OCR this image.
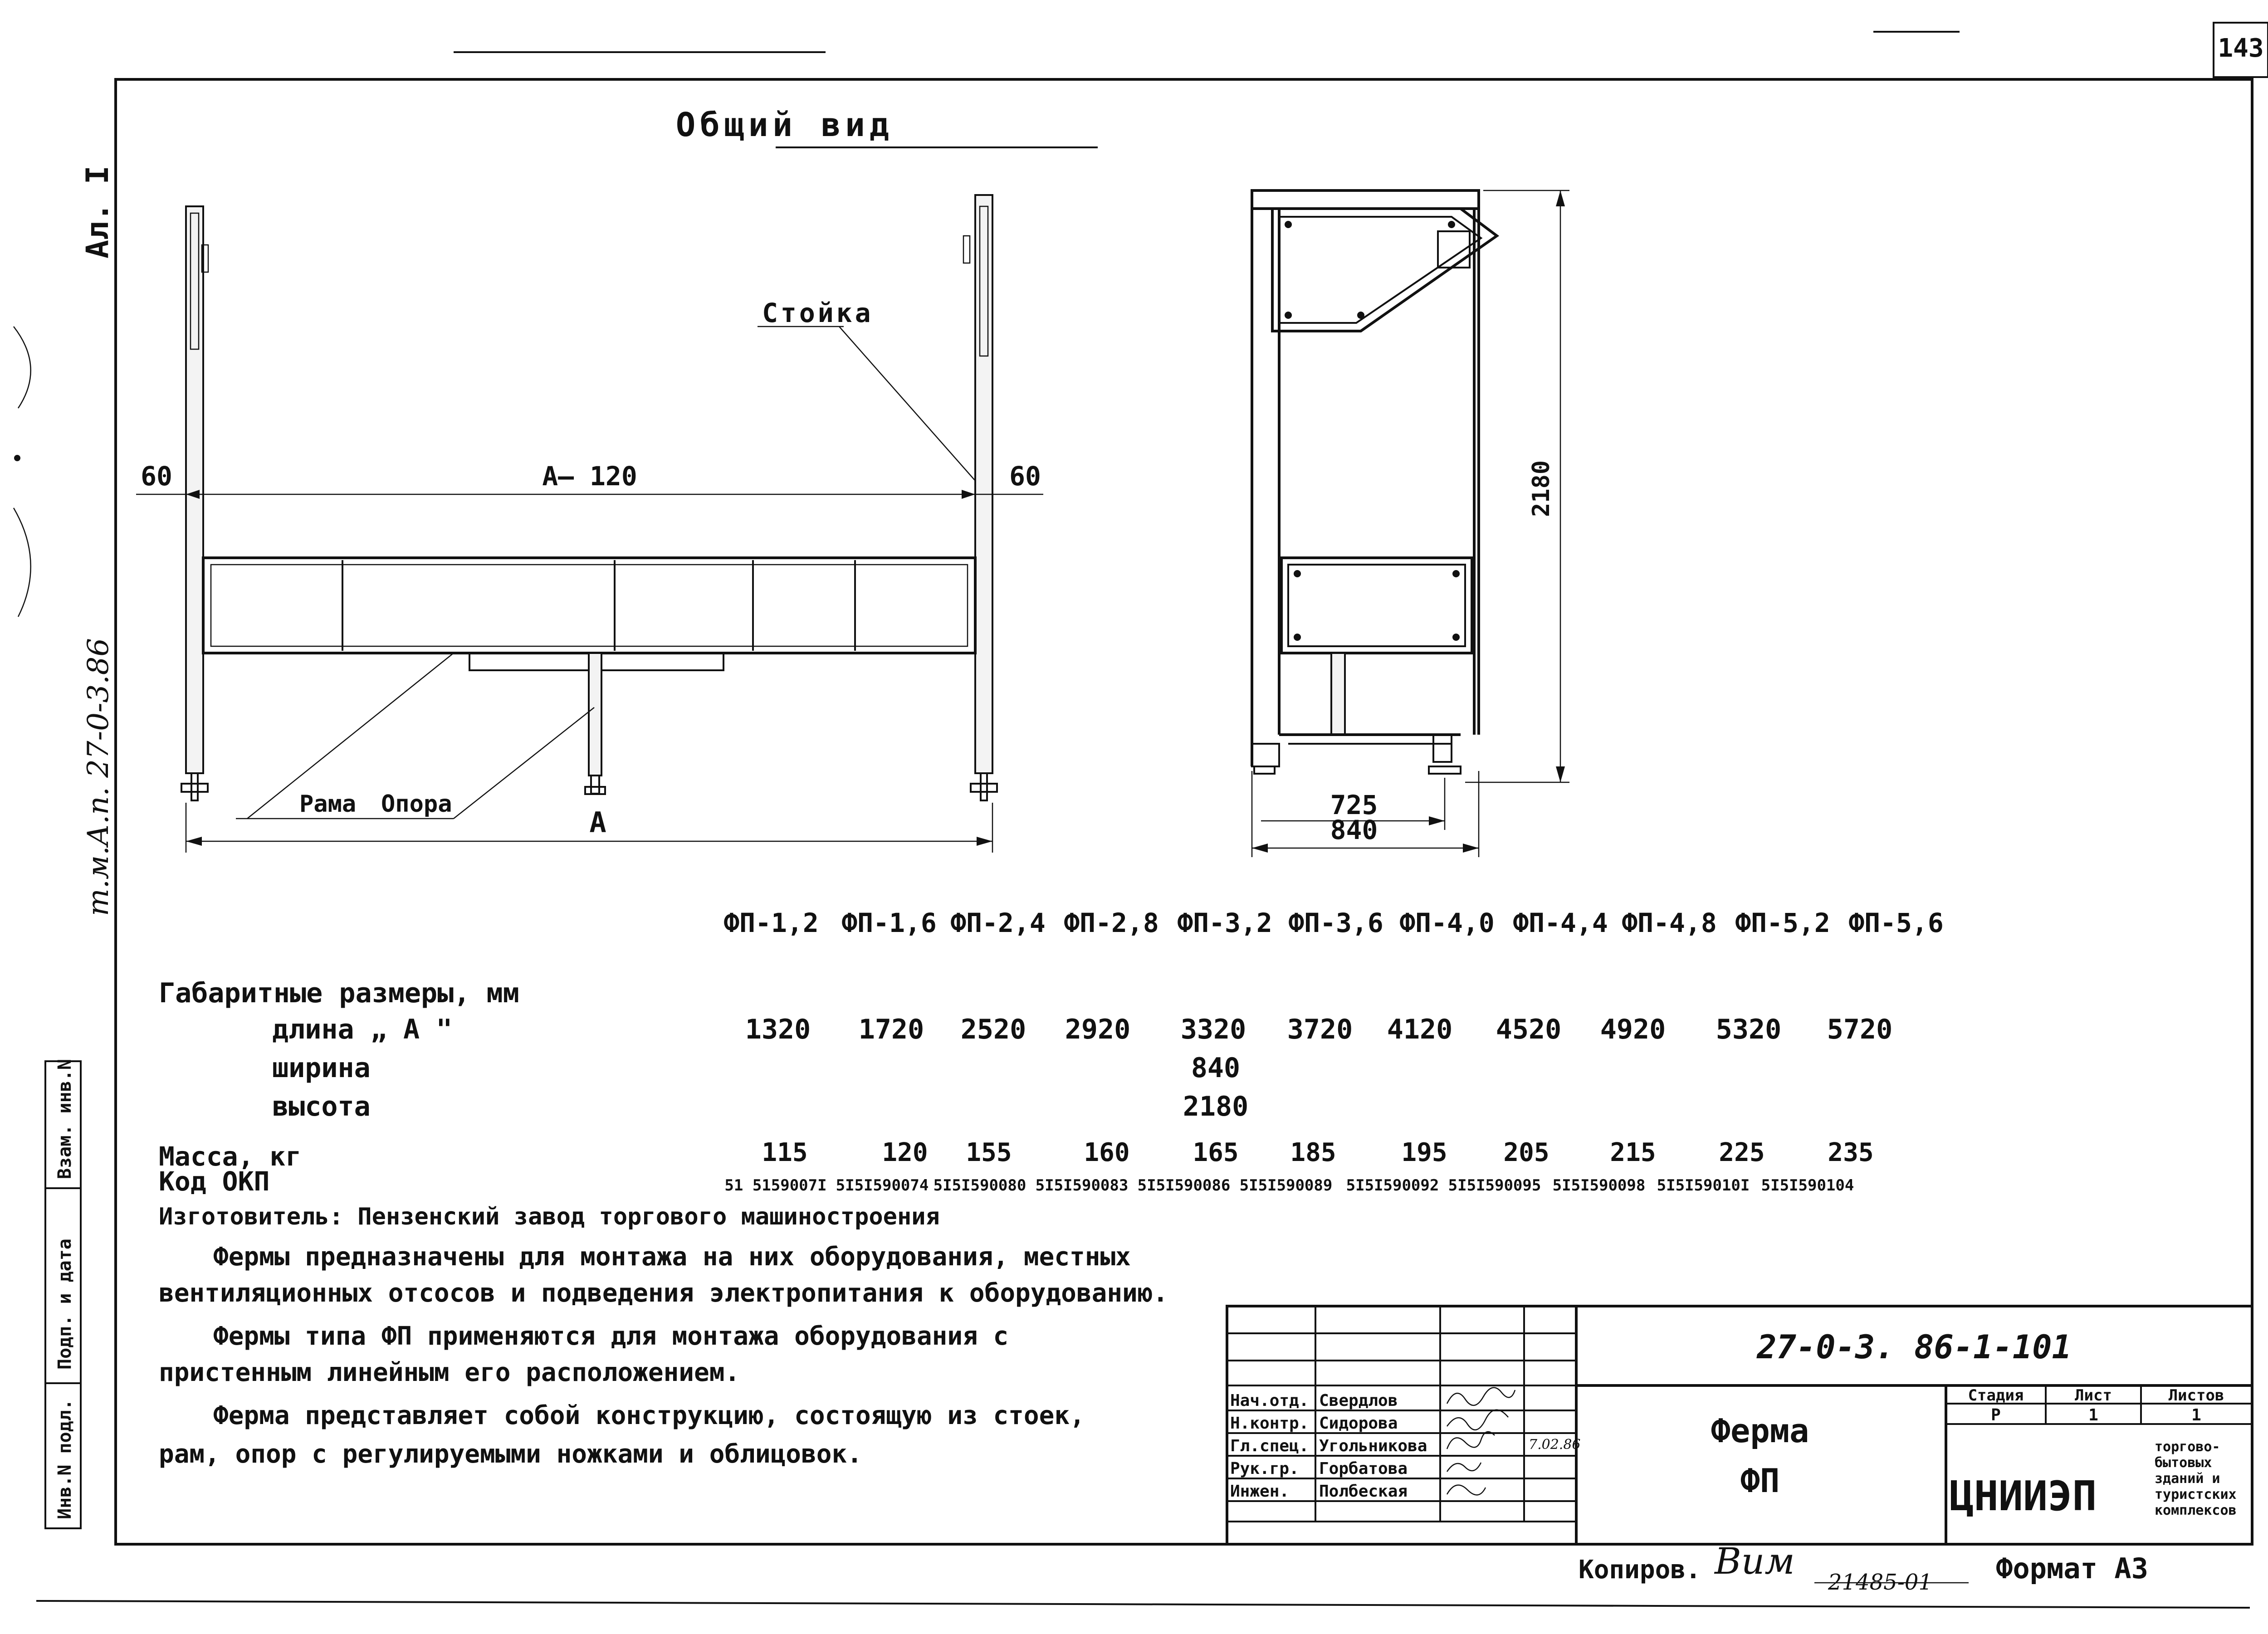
143
Ал. I
т.м.А.п. 27-0-3.86
Взам. инв.N
Подп. и дата
Инв.N подл.
Общий вид
Стойка
Рама Опора
60	А– 120	60
А
2180
725
840
ФП-1,2 ФП-1,6 ФП-2,4 ФП-2,8 ФП-3,2 ФП-3,6 ФП-4,0 ФП-4,4 ФП-4,8 ФП-5,2 ФП-5,6
Габаритные размеры, мм
длина „ А "
ширина
высота
1320 1720 2520 2920 3320 3720 4120 4520 4920 5320 5720
840
2180
Масса, кг
Код ОКП
115	120 155	160 165 185	195 205 215 225 235
51 5159007I 5I5I590074 5I5I590080 5I5I590083 5I5I590086 5I5I590089 5I5I590092 5I5I590095 5I5I590098 5I5I59010I 5I5I590104
Изготовитель: Пензенский завод торгового машиностроения
Фермы предназначены для монтажа на них оборудования, местных
вентиляционных отсосов и подведения электропитания к оборудованию.
Фермы типа ФП применяются для монтажа оборудования с
пристенным линейным его расположением.
Ферма представляет собой конструкцию, состоящую из стоек,
рам, опор с регулируемыми ножками и облицовок.
Нач.отд. Свердлов
Н.контр. Сидорова
Гл.спец. Угольникова
Рук.гр. Горбатова
Инжен. Полбеская
7.02.86
27-0-3. 86-1-101
Ферма
ФП
Стадия	Лист	Листов
Р	1	1
ЦНИИЭП
торгово-
бытовых
зданий и
туристских
комплексов
Копиров. Вим 21485-01 Формат А3
